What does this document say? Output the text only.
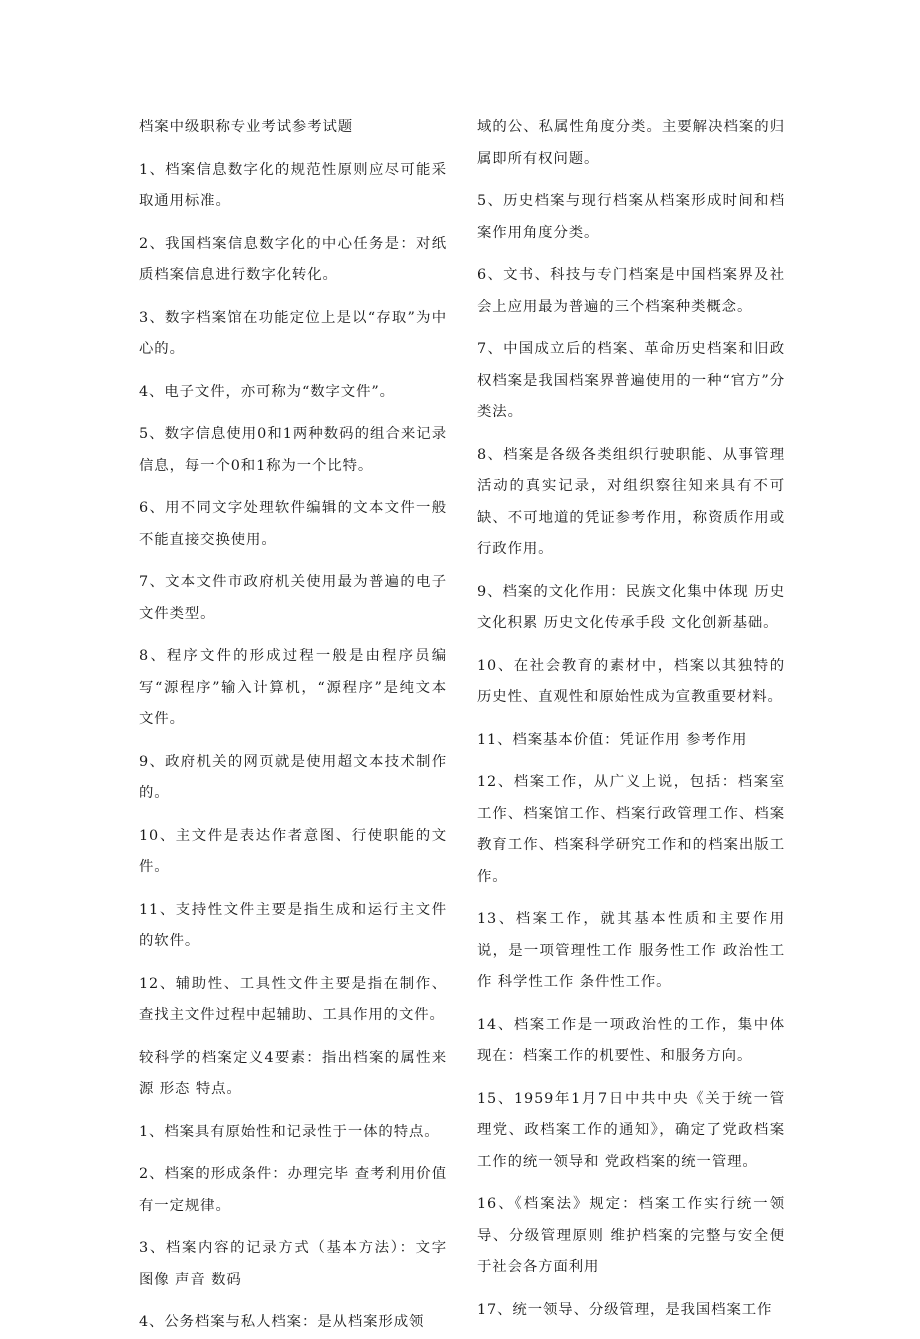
档案中级职称专业考试参考试题

1、档案信息数字化的规范性原则应尽可能采取通用标准。

2、我国档案信息数字化的中心任务是：对纸质档案信息进行数字化转化。

3、数字档案馆在功能定位上是以“存取”为中心的。

4、电子文件，亦可称为“数字文件”。

5、数字信息使用0和1两种数码的组合来记录信息，每一个0和1称为一个比特。

6、用不同文字处理软件编辑的文本文件一般不能直接交换使用。

7、文本文件市政府机关使用最为普遍的电子文件类型。

8、程序文件的形成过程一般是由程序员编写“源程序”输入计算机，“源程序”是纯文本文件。

9、政府机关的网页就是使用超文本技术制作的。

10、主文件是表达作者意图、行使职能的文件。

11、支持性文件主要是指生成和运行主文件的软件。

12、辅助性、工具性文件主要是指在制作、查找主文件过程中起辅助、工具作用的文件。

较科学的档案定义4要素：指出档案的属性来源 形态 特点。

1、档案具有原始性和记录性于一体的特点。

2、档案的形成条件：办理完毕 查考利用价值 有一定规律。

3、档案内容的记录方式（基本方法）：文字图像 声音 数码

4、公务档案与私人档案：是从档案形成领

域的公、私属性角度分类。主要解决档案的归属即所有权问题。

5、历史档案与现行档案从档案形成时间和档案作用角度分类。

6、文书、科技与专门档案是中国档案界及社会上应用最为普遍的三个档案种类概念。

7、中国成立后的档案、革命历史档案和旧政权档案是我国档案界普遍使用的一种“官方”分类法。

8、档案是各级各类组织行驶职能、从事管理活动的真实记录，对组织察往知来具有不可缺、不可地道的凭证参考作用，称资质作用或行政作用。

9、档案的文化作用：民族文化集中体现 历史文化积累 历史文化传承手段 文化创新基础。

10、在社会教育的素材中，档案以其独特的历史性、直观性和原始性成为宣教重要材料。

11、档案基本价值：凭证作用 参考作用

12、档案工作，从广义上说，包括：档案室工作、档案馆工作、档案行政管理工作、档案教育工作、档案科学研究工作和的档案出版工作。

13、档案工作，就其基本性质和主要作用说，是一项管理性工作 服务性工作 政治性工作 科学性工作 条件性工作。

14、档案工作是一项政治性的工作，集中体现在：档案工作的机要性、和服务方向。

15、1959年1月7日中共中央《关于统一管理党、政档案工作的通知》，确定了党政档案工作的统一领导和 党政档案的统一管理。

16、《档案法》规定：档案工作实行统一领导、分级管理原则 维护档案的完整与安全便于社会各方面利用

17、统一领导、分级管理，是我国档案工作
